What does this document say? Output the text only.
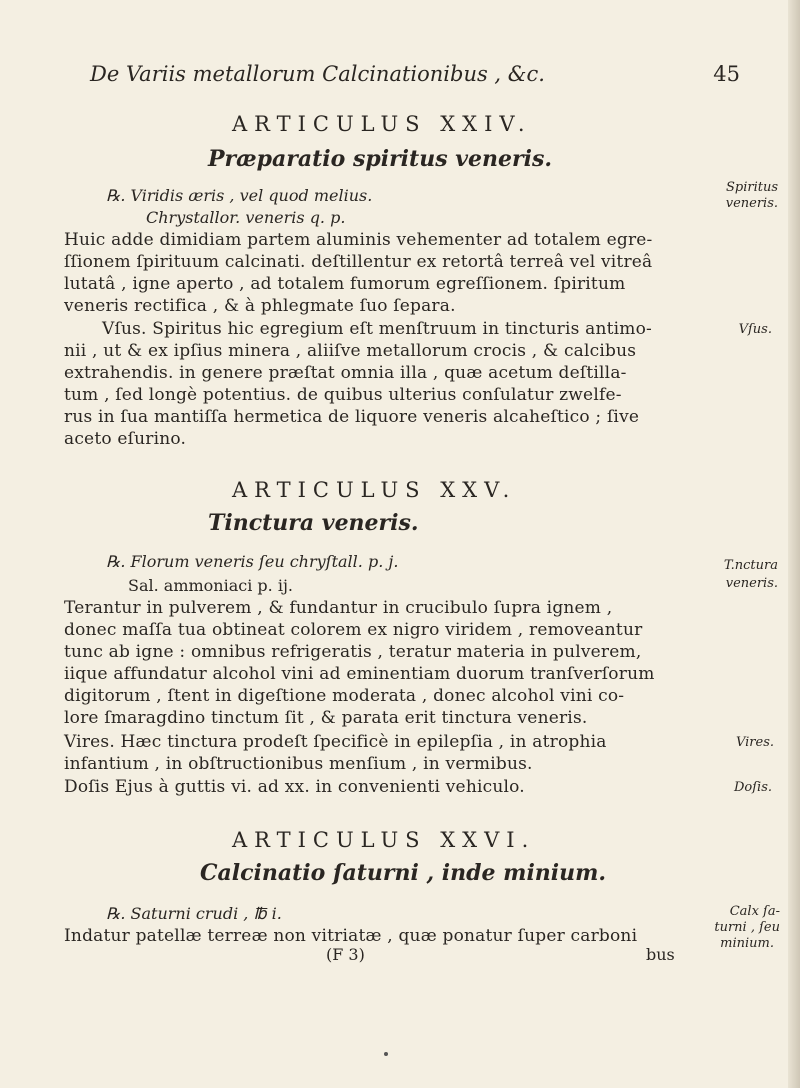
De Variis metallorum Calcinationibus , &c.	45
ARTICULUS XXIV.
Præparatio spiritus veneris.
℞. Viridis æris , vel quod melius.
Chrystallor. veneris q. p.
Huic adde dimidiam partem aluminis vehementer ad totalem egre-
ſſionem ſpirituum calcinati. deſtillentur ex retortâ terreâ vel vitreâ
lutatâ , igne aperto , ad totalem fumorum egreſſionem. ſpiritum
veneris rectifica , & à phlegmate ſuo ſepara.
Vſus. Spiritus hic egregium eſt menſtruum in tincturis antimo-
nii , ut & ex ipſius minera , aliiſve metallorum crocis , & calcibus
extrahendis. in genere præſtat omnia illa , quæ acetum deſtilla-
tum , ſed longè potentius. de quibus ulterius conſulatur zwelfe-
rus in ſua mantiſſa hermetica de liquore veneris alcaheſtico ; ſive
aceto eſurino.
Spiritus
veneris.
Vſus.
ARTICULUS XXV.
Tinctura veneris.
℞. Florum veneris ſeu chryſtall. p. j.
Sal. ammoniaci p. ij.
Terantur in pulverem , & fundantur in crucibulo ſupra ignem ,
donec maſſa tua obtineat colorem ex nigro viridem , removeantur
tunc ab igne : omnibus refrigeratis , teratur materia in pulverem,
iique affundatur alcohol vini ad eminentiam duorum tranſverſorum
digitorum , ſtent in digeſtione moderata , donec alcohol vini co-
lore ſmaragdino tinctum ſit , & parata erit tinctura veneris.
Vires. Hæc tinctura prodeſt ſpecificè in epilepſia , in atrophia
infantium , in obſtructionibus menſium , in vermibus.
Doſis Ejus à guttis vi. ad xx. in convenienti vehiculo.
T.nctura
veneris.
Vires.
Doſis.
ARTICULUS XXVI.
Calcinatio ſaturni , inde minium.
℞. Saturni crudi , ℔ i.
Indatur patellæ terreæ non vitriatæ , quæ ponatur ſuper carboni
Calx ſa-
turni , ſeu
minium.
(F 3)	bus
